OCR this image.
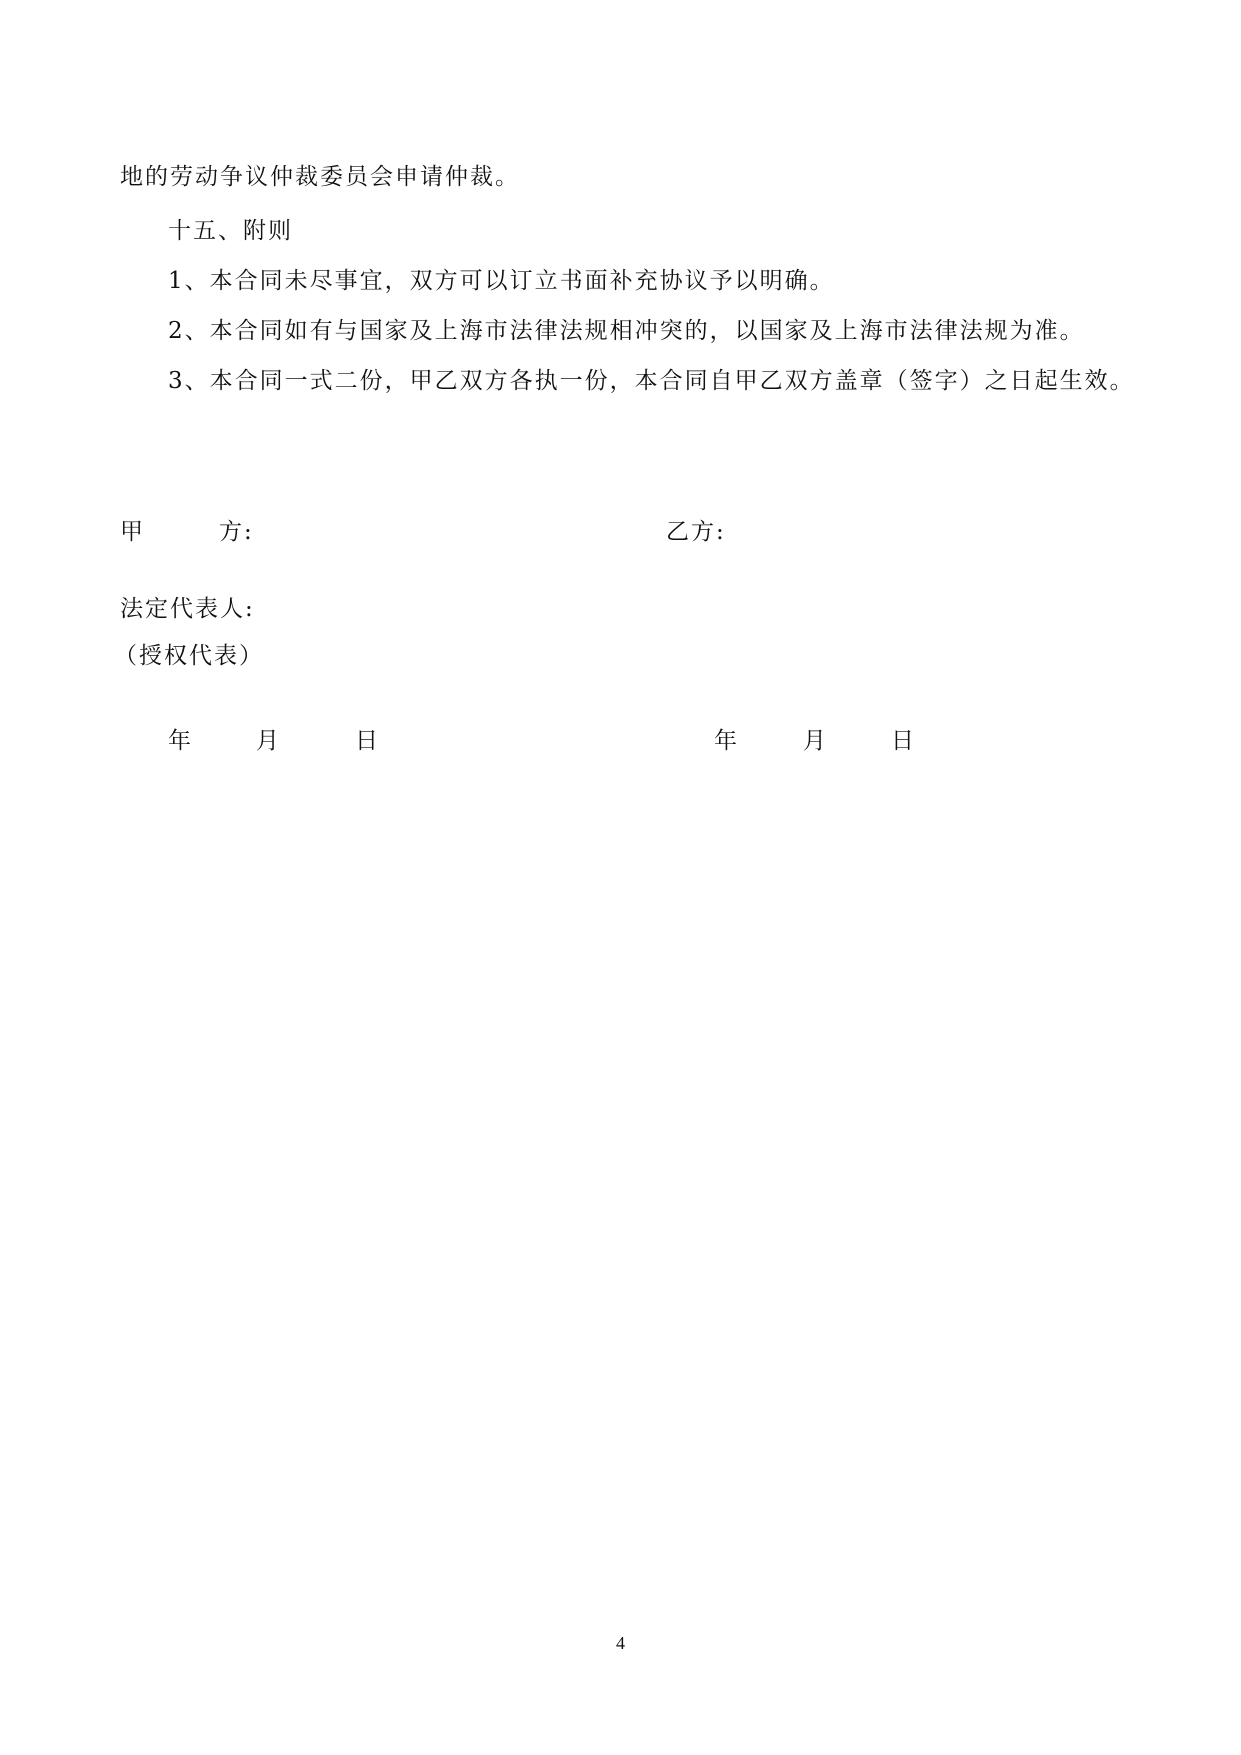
地的劳动争议仲裁委员会申请仲裁。
十五、附则
1、本合同未尽事宜，双方可以订立书面补充协议予以明确。
2、本合同如有与国家及上海市法律法规相冲突的，以国家及上海市法律法规为准。
3、本合同一式二份，甲乙双方各执一份，本合同自甲乙双方盖章（签字）之日起生效。
甲	方:	乙方:
法定代表人:
（授权代表）
年	月	日	年	月	日
4
